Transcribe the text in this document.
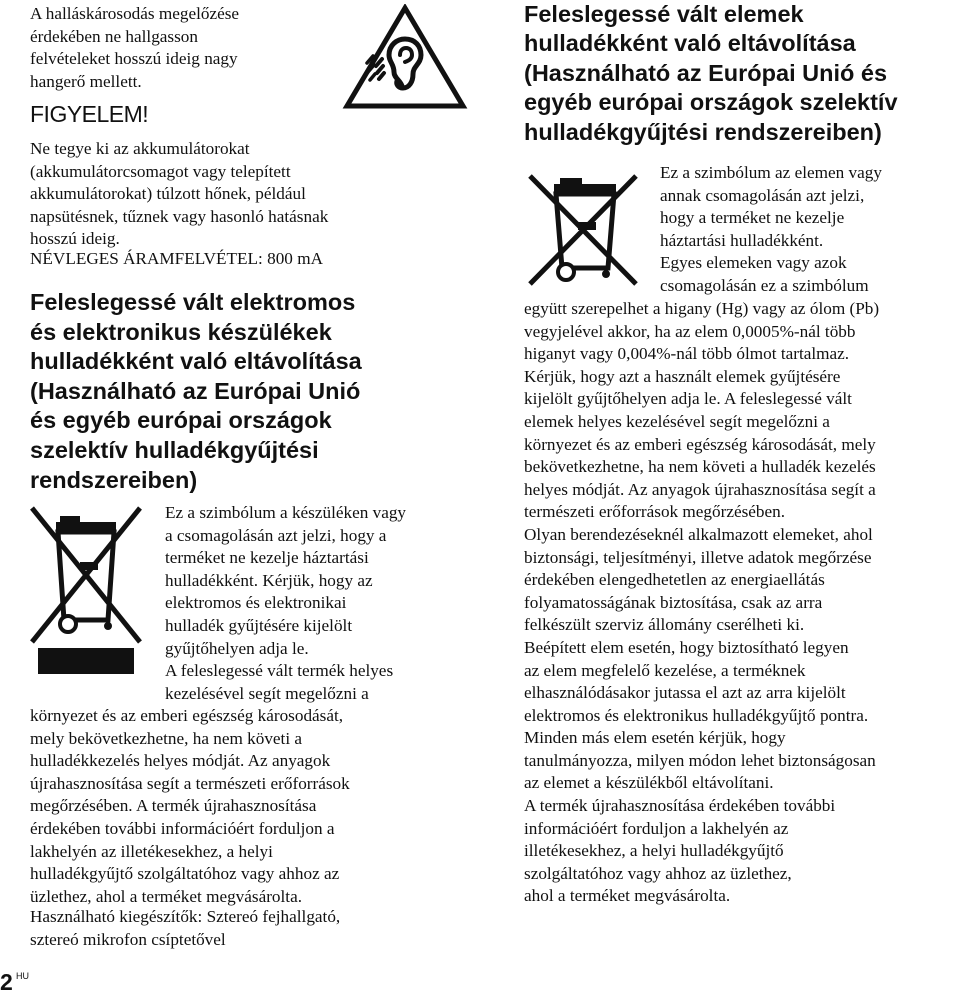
A halláskárosodás megelőzése
érdekében ne hallgasson
felvételeket hosszú ideig nagy
hangerő mellett.
FIGYELEM!
Ne tegye ki az akkumulátorokat
(akkumulátorcsomagot vagy telepített
akkumulátorokat) túlzott hőnek, például
napsütésnek, tűznek vagy hasonló hatásnak
hosszú ideig.
NÉVLEGES ÁRAMFELVÉTEL: 800 mA
Feleslegessé vált elektromos
és elektronikus készülékek
hulladékként való eltávolítása
(Használható az Európai Unió
és egyéb európai országok
szelektív hulladékgyűjtési
rendszereiben)
Ez a szimbólum a készüléken vagy
a csomagolásán azt jelzi, hogy a
terméket ne kezelje háztartási
hulladékként. Kérjük, hogy az
elektromos és elektronikai
hulladék gyűjtésére kijelölt
gyűjtőhelyen adja le.
A feleslegessé vált termék helyes
kezelésével segít megelőzni a
környezet és az emberi egészség károsodását,
mely bekövetkezhetne, ha nem követi a
hulladékkezelés helyes módját. Az anyagok
újrahasznosítása segít a természeti erőforrások
megőrzésében. A termék újrahasznosítása
érdekében további információért forduljon a
lakhelyén az illetékesekhez, a helyi
hulladékgyűjtő szolgáltatóhoz vagy ahhoz az
üzlethez, ahol a terméket megvásárolta.
Használható kiegészítők: Sztereó fejhallgató,
sztereó mikrofon csíptetővel
2 HU
Feleslegessé vált elemek
hulladékként való eltávolítása
(Használható az Európai Unió és
egyéb európai országok szelektív
hulladékgyűjtési rendszereiben)
Ez a szimbólum az elemen vagy
annak csomagolásán azt jelzi,
hogy a terméket ne kezelje
háztartási hulladékként.
Egyes elemeken vagy azok
csomagolásán ez a szimbólum
együtt szerepelhet a higany (Hg) vagy az ólom (Pb)
vegyjelével akkor, ha az elem 0,0005%-nál több
higanyt vagy 0,004%-nál több ólmot tartalmaz.
Kérjük, hogy azt a használt elemek gyűjtésére
kijelölt gyűjtőhelyen adja le. A feleslegessé vált
elemek helyes kezelésével segít megelőzni a
környezet és az emberi egészség károsodását, mely
bekövetkezhetne, ha nem követi a hulladék kezelés
helyes módját. Az anyagok újrahasznosítása segít a
természeti erőforrások megőrzésében.
Olyan berendezéseknél alkalmazott elemeket, ahol
biztonsági, teljesítményi, illetve adatok megőrzése
érdekében elengedhetetlen az energiaellátás
folyamatosságának biztosítása, csak az arra
felkészült szerviz állomány cserélheti ki.
Beépített elem esetén, hogy biztosítható legyen
az elem megfelelő kezelése, a terméknek
elhasználódásakor jutassa el azt az arra kijelölt
elektromos és elektronikus hulladékgyűjtő pontra.
Minden más elem esetén kérjük, hogy
tanulmányozza, milyen módon lehet biztonságosan
az elemet a készülékből eltávolítani.
A termék újrahasznosítása érdekében további
információért forduljon a lakhelyén az
illetékesekhez, a helyi hulladékgyűjtő
szolgáltatóhoz vagy ahhoz az üzlethez,
ahol a terméket megvásárolta.
